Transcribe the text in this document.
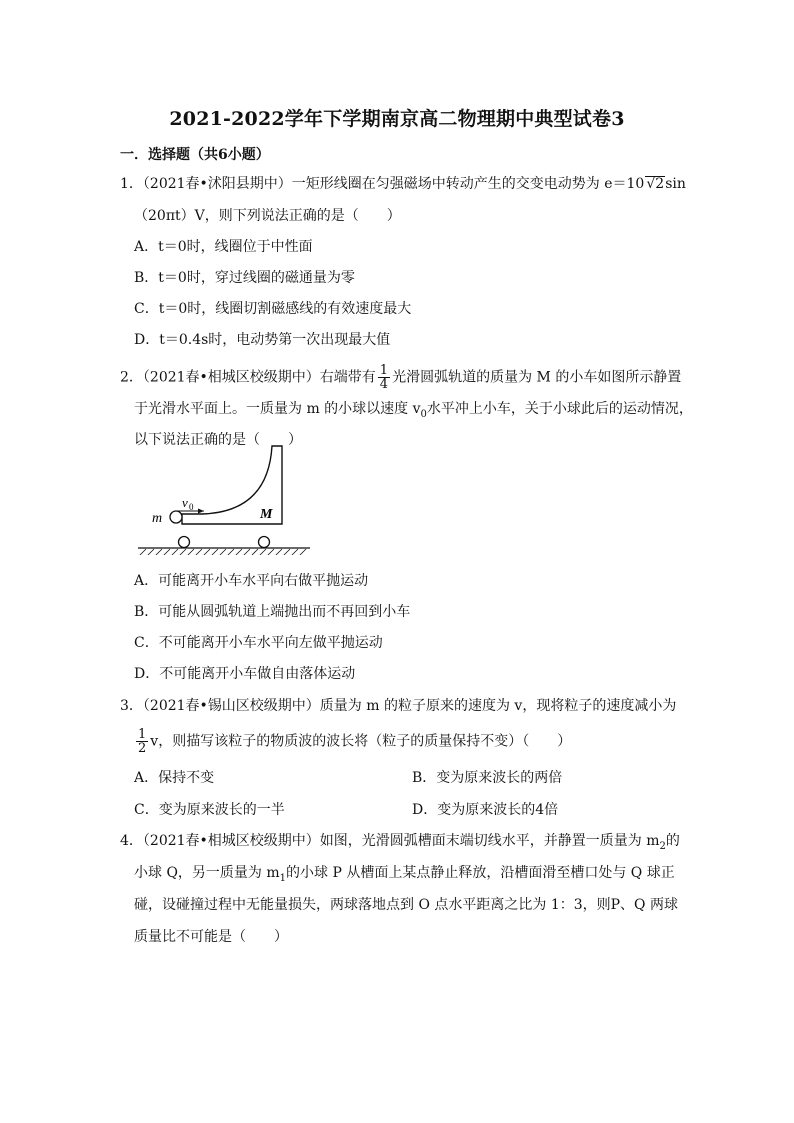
2021-2022学年下学期南京高二物理期中典型试卷3
一．选择题（共6小题）
1．（2021春•沭阳县期中）一矩形线圈在匀强磁场中转动产生的交变电动势为 e＝10 √2sin
（20πt）V，则下列说法正确的是（　　）
A．t＝0时，线圈位于中性面
B．t＝0时，穿过线圈的磁通量为零
C．t＝0时，线圈切割磁感线的有效速度最大
D．t＝0.4s时，电动势第一次出现最大值
2．（2021春•相城区校级期中）右端带有 $\frac{1}{4}$ 光滑圆弧轨道的质量为 M 的小车如图所示静置
于光滑水平面上。一质量为 m 的小球以速度 $v_0$水平冲上小车，关于小球此后的运动情况，
以下说法正确的是（　　）
m
v 0	M
A．可能离开小车水平向右做平抛运动
B．可能从圆弧轨道上端抛出而不再回到小车
C．不可能离开小车水平向左做平抛运动
D．不可能离开小车做自由落体运动
3．（2021春•锡山区校级期中）质量为 m 的粒子原来的速度为 v，现将粒子的速度减小为
$\frac{1}{2}$ v，则描写该粒子的物质波的波长将（粒子的质量保持不变）（　　）
A．保持不变	B．变为原来波长的两倍
C．变为原来波长的一半	D．变为原来波长的4倍
4．（2021春•相城区校级期中）如图，光滑圆弧槽面末端切线水平，并静置一质量为 $m_2$的
小球 Q，另一质量为 $m_1$的小球 P 从槽面上某点静止释放，沿槽面滑至槽口处与 Q 球正
碰，设碰撞过程中无能量损失，两球落地点到 O 点水平距离之比为 1：3，则P、Q 两球
质量比不可能是（　　）
